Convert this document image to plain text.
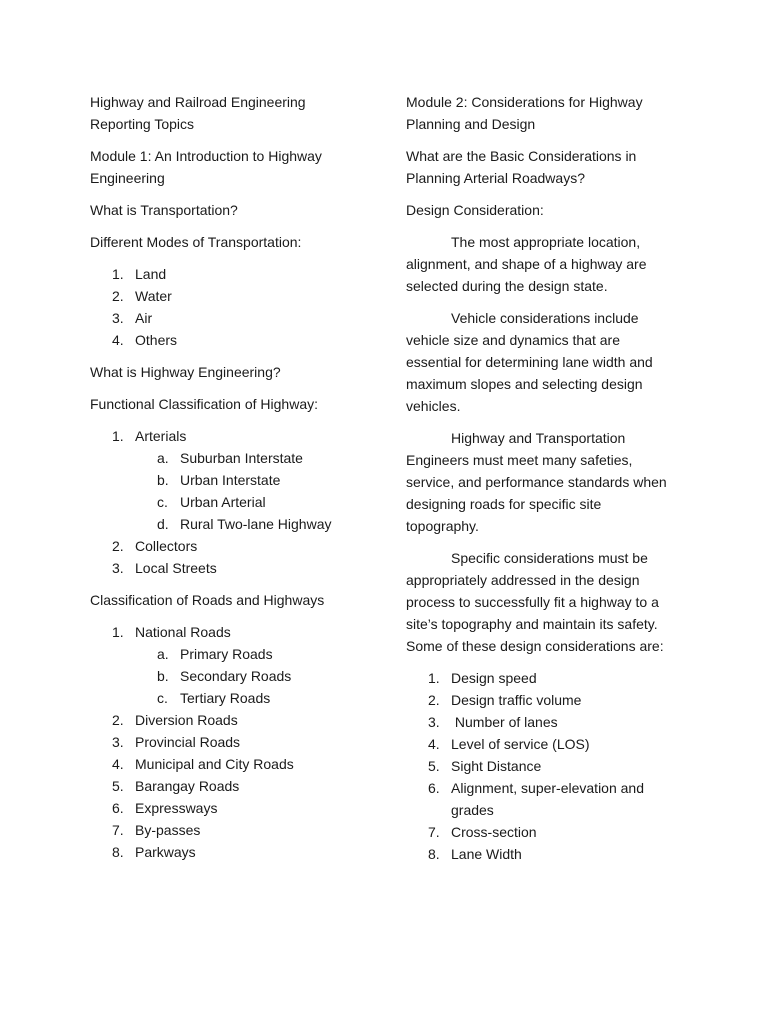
Highway and Railroad Engineering Reporting Topics

Module 1: An Introduction to Highway Engineering

What is Transportation?

Different Modes of Transportation:

1. Land
2. Water
3. Air
4. Others

What is Highway Engineering?

Functional Classification of Highway:

1. Arterials
a. Suburban Interstate
b. Urban Interstate
c. Urban Arterial
d. Rural Two-lane Highway
2. Collectors
3. Local Streets

Classification of Roads and Highways

1. National Roads
a. Primary Roads
b. Secondary Roads
c. Tertiary Roads
2. Diversion Roads
3. Provincial Roads
4. Municipal and City Roads
5. Barangay Roads
6. Expressways
7. By-passes
8. Parkways

Module 2: Considerations for Highway Planning and Design

What are the Basic Considerations in Planning Arterial Roadways?

Design Consideration:

The most appropriate location, alignment, and shape of a highway are selected during the design state.

Vehicle considerations include vehicle size and dynamics that are essential for determining lane width and maximum slopes and selecting design vehicles.

Highway and Transportation Engineers must meet many safeties, service, and performance standards when designing roads for specific site topography.

Specific considerations must be appropriately addressed in the design process to successfully fit a highway to a site’s topography and maintain its safety. Some of these design considerations are:

1. Design speed
2. Design traffic volume
3. Number of lanes
4. Level of service (LOS)
5. Sight Distance
6. Alignment, super-elevation and grades
7. Cross-section
8. Lane Width
